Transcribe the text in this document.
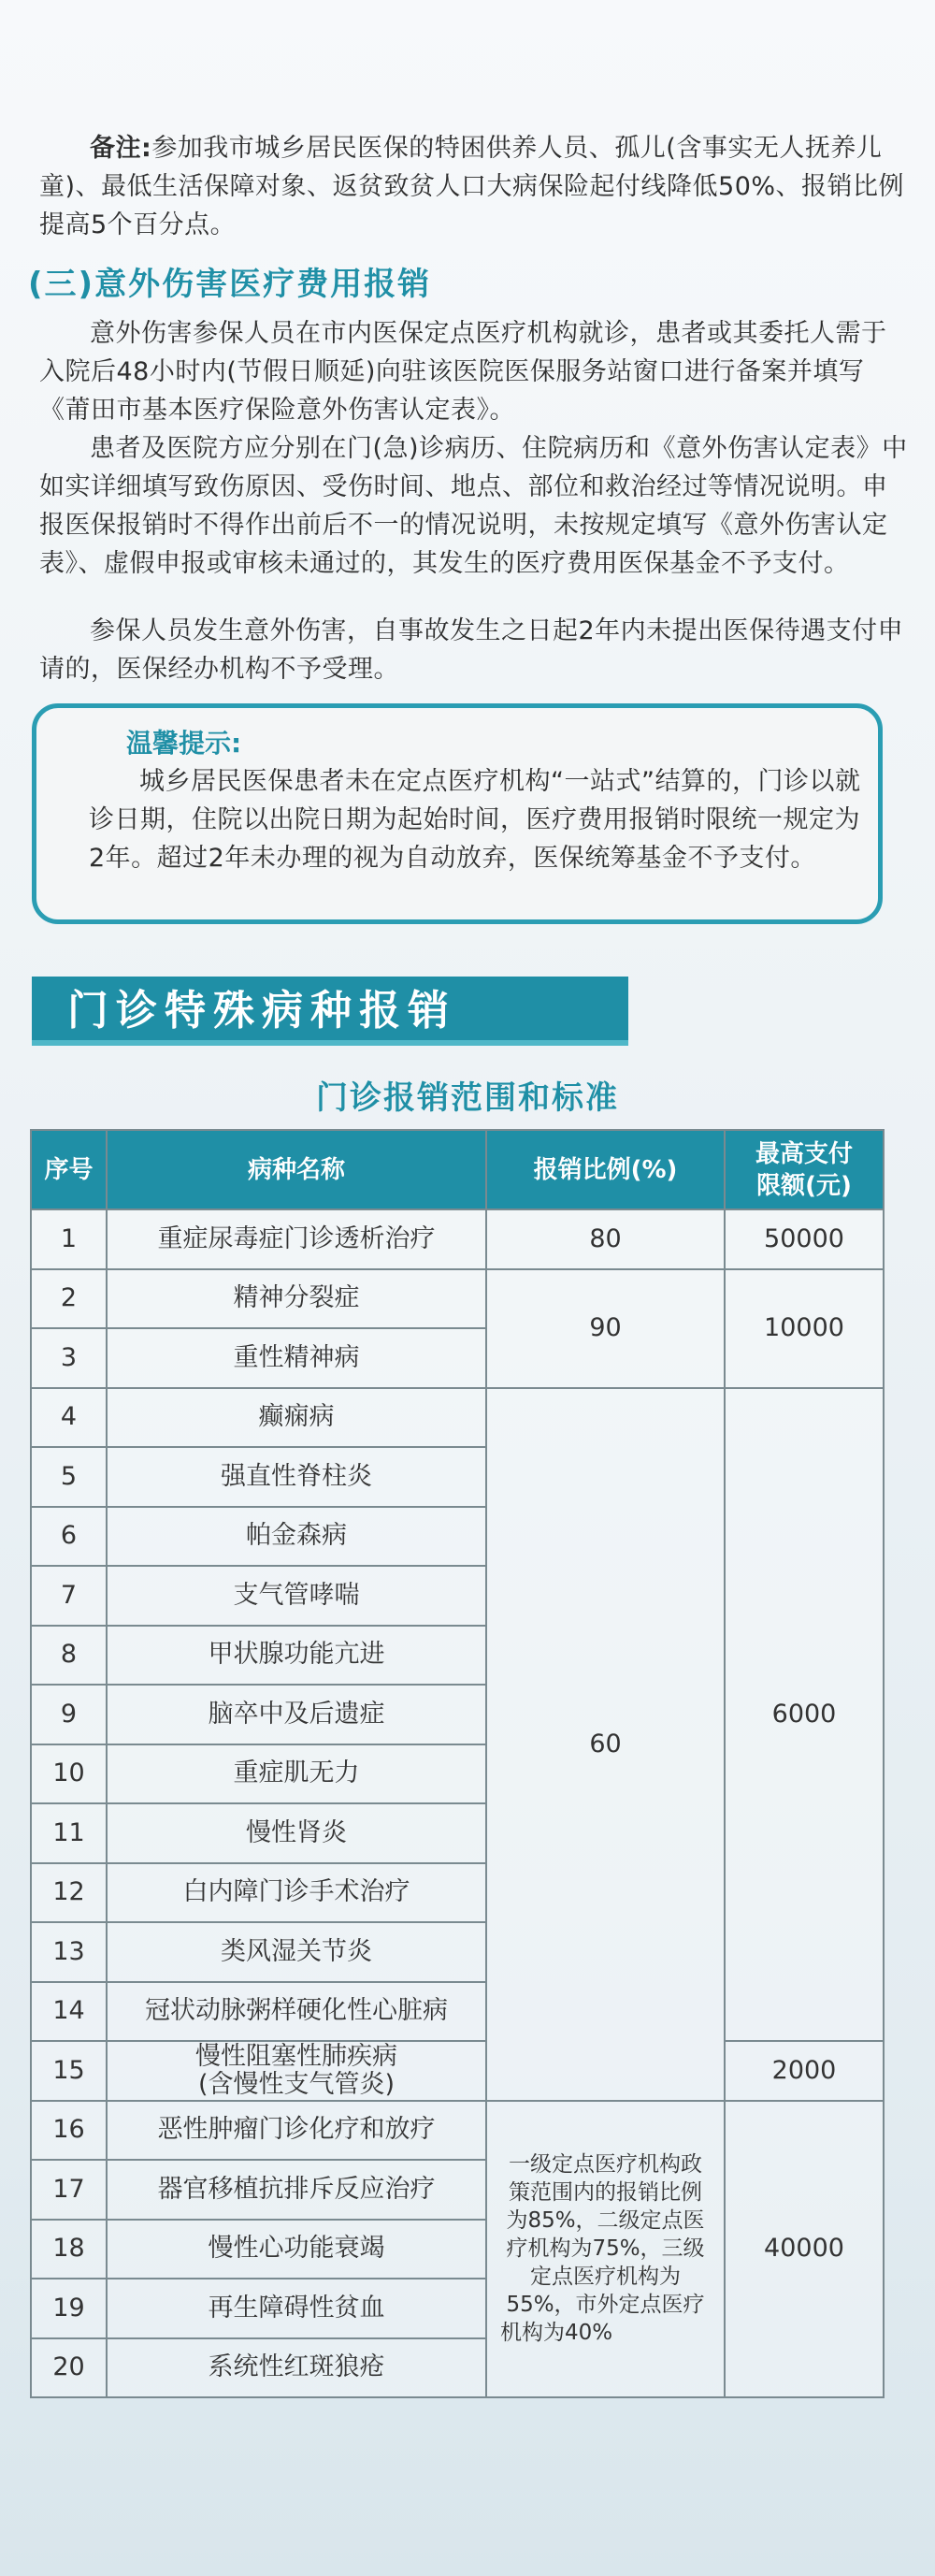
备注:参加我市城乡居民医保的特困供养人员、孤儿(含事实无人抚养儿童)、最低生活保障对象、返贫致贫人口大病保险起付线降低50%、报销比例提高5个百分点。

(三)意外伤害医疗费用报销

意外伤害参保人员在市内医保定点医疗机构就诊，患者或其委托人需于入院后48小时内(节假日顺延)向驻该医院医保服务站窗口进行备案并填写《莆田市基本医疗保险意外伤害认定表》。

患者及医院方应分别在门(急)诊病历、住院病历和《意外伤害认定表》中如实详细填写致伤原因、受伤时间、地点、部位和救治经过等情况说明。申报医保报销时不得作出前后不一的情况说明，未按规定填写《意外伤害认定表》、虚假申报或审核未通过的，其发生的医疗费用医保基金不予支付。

参保人员发生意外伤害，自事故发生之日起2年内未提出医保待遇支付申请的，医保经办机构不予受理。

温馨提示:

城乡居民医保患者未在定点医疗机构“一站式”结算的，门诊以就诊日期，住院以出院日期为起始时间，医疗费用报销时限统一规定为2年。超过2年未办理的视为自动放弃，医保统筹基金不予支付。

门诊特殊病种报销
门诊报销范围和标准
序号	病种名称	报销比例(%)	最高支付
限额(元)
1	重症尿毒症门诊透析治疗	80	50000
2	精神分裂症	90	10000
3	重性精神病		
4	癫痫病	60	6000
5	强直性脊柱炎		
6	帕金森病		
7	支气管哮喘		
8	甲状腺功能亢进		
9	脑卒中及后遗症		
10	重症肌无力		
11	慢性肾炎		
12	白内障门诊手术治疗		
13	类风湿关节炎		
14	冠状动脉粥样硬化性心脏病		
15	慢性阻塞性肺疾病
(含慢性支气管炎)		2000
16	恶性肿瘤门诊化疗和放疗	一级定点医疗机构政策范围内的报销比例为85%，二级定点医疗机构为75%，三级定点医疗机构为55%，市外定点医疗机构为40%	40000
17	器官移植抗排斥反应治疗		
18	慢性心功能衰竭		
19	再生障碍性贫血		
20	系统性红斑狼疮		
